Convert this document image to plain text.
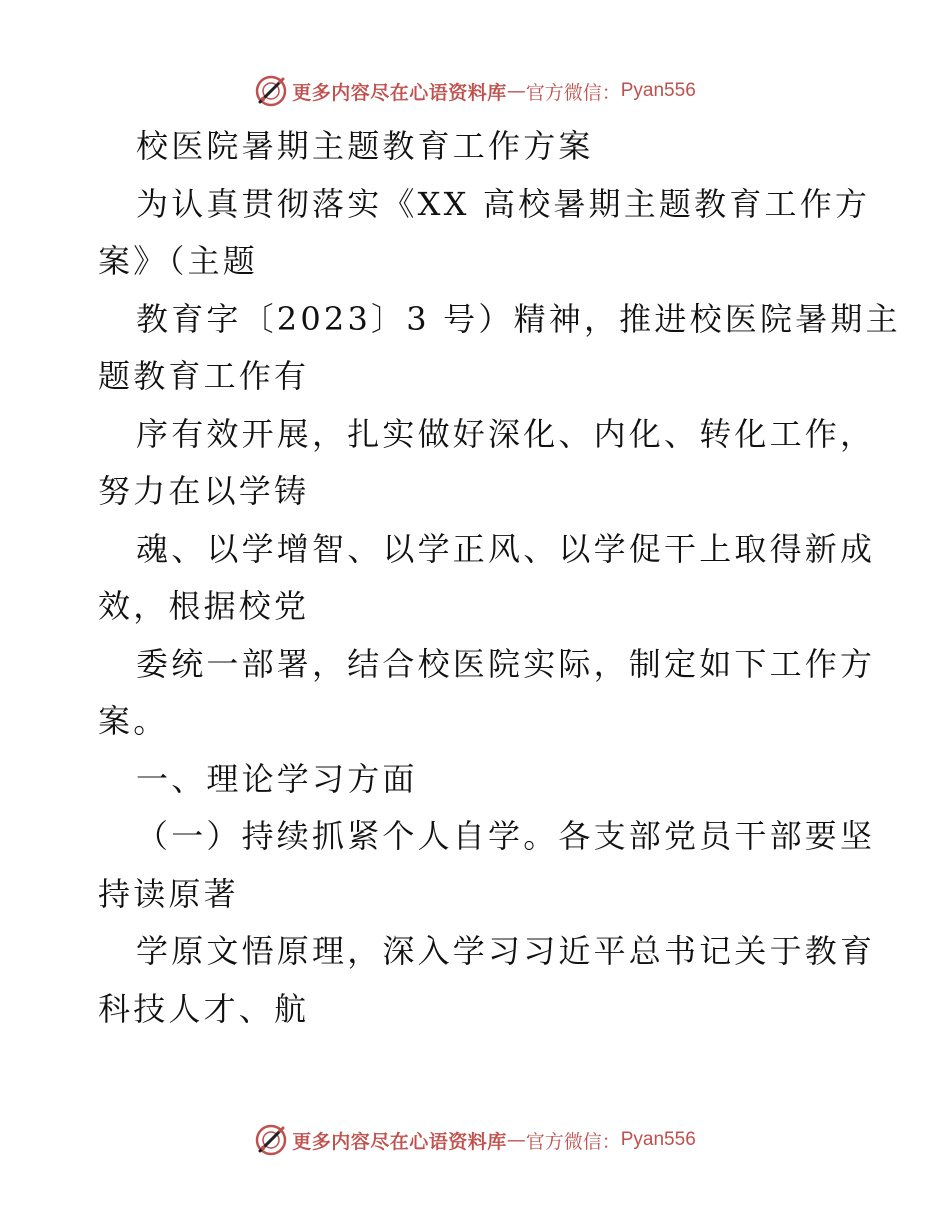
更多内容尽在心语资料库 — 官方微信： Pyan556
校医院暑期主题教育工作方案
为认真贯彻落实《XX 高校暑期主题教育工作方
案》（主题
教育字〔2023〕3 号）精神，推进校医院暑期主
题教育工作有
序有效开展，扎实做好深化、内化、转化工作，
努力在以学铸
魂、以学增智、以学正风、以学促干上取得新成
效，根据校党
委统一部署，结合校医院实际，制定如下工作方
案。
一、理论学习方面
（一）持续抓紧个人自学。各支部党员干部要坚
持读原著
学原文悟原理，深入学习习近平总书记关于教育
科技人才、航
更多内容尽在心语资料库 — 官方微信： Pyan556
